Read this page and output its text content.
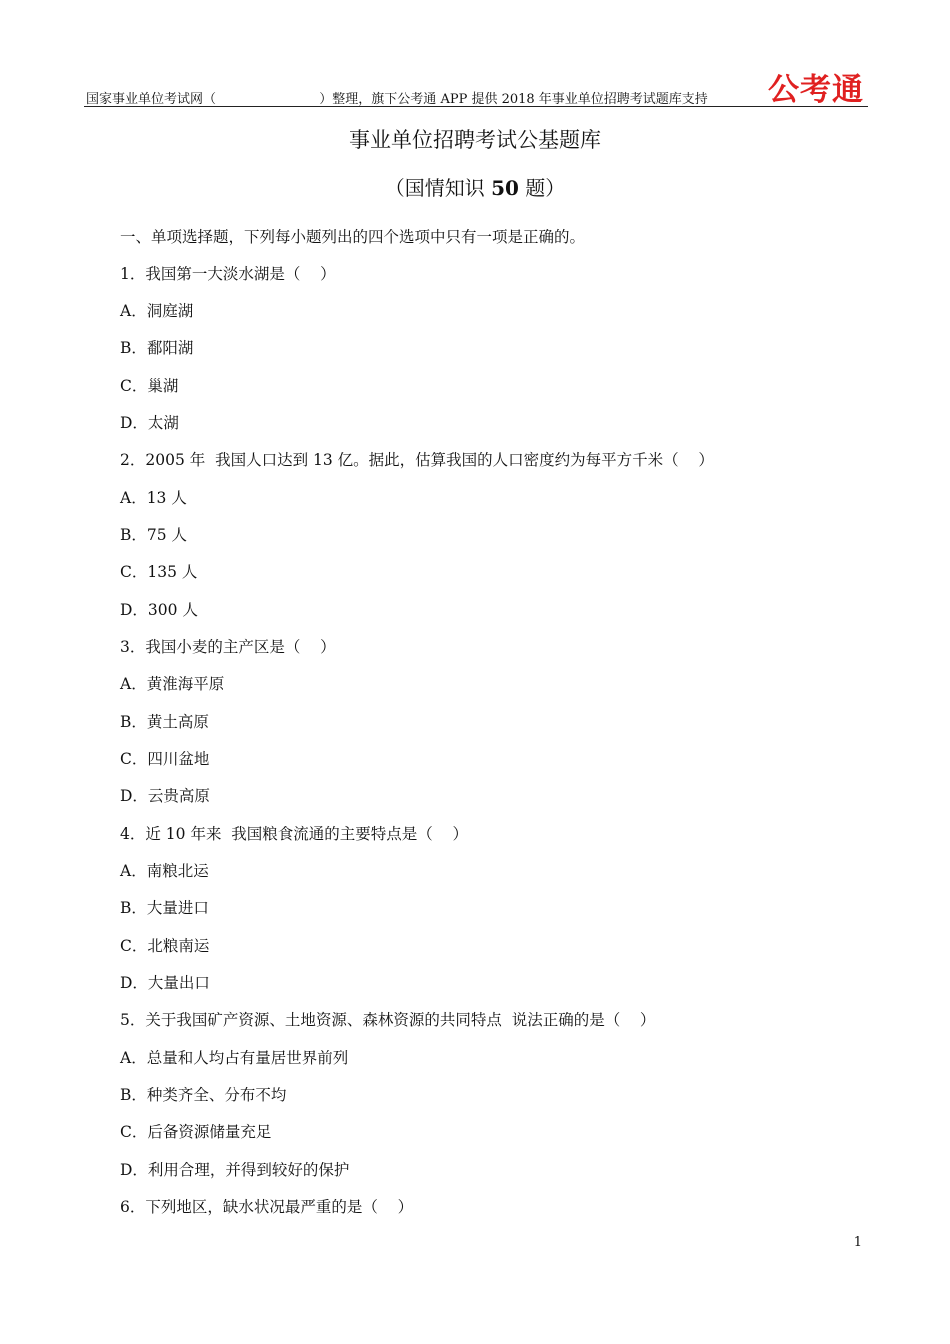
国家事业单位考试网（                         ）整理，旗下公考通 APP 提供 2018 年事业单位招聘考试题库支持 公考通
事业单位招聘考试公基题库
（国情知识 50 题）
一、单项选择题，下列每小题列出的四个选项中只有一项是正确的。
1．我国第一大淡水湖是（    ）
A．洞庭湖
B．鄱阳湖
C．巢湖
D．太湖
2．2005 年  我国人口达到 13 亿。据此，估算我国的人口密度约为每平方千米（    ）
A．13 人
B．75 人
C．135 人
D．300 人
3．我国小麦的主产区是（    ）
A．黄淮海平原
B．黄土高原
C．四川盆地
D．云贵高原
4．近 10 年来  我国粮食流通的主要特点是（    ）
A．南粮北运
B．大量进口
C．北粮南运
D．大量出口
5．关于我国矿产资源、土地资源、森林资源的共同特点  说法正确的是（    ）
A．总量和人均占有量居世界前列
B．种类齐全、分布不均
C．后备资源储量充足
D．利用合理，并得到较好的保护
6．下列地区，缺水状况最严重的是（    ）
1
